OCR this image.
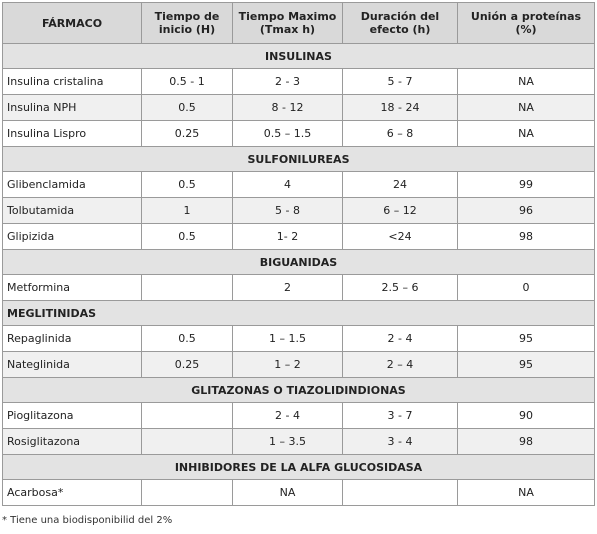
FÁRMACO	Tiempo de inicio (H)	Tiempo Maximo (Tmax h)	Duración del efecto (h)	Unión a proteínas (%)
INSULINAS				
Insulina cristalina	0.5 - 1	2 - 3	5 - 7	NA
Insulina NPH	0.5	8 - 12	18 - 24	NA
Insulina Lispro	0.25	0.5 – 1.5	6 – 8	NA
SULFONILUREAS				
Glibenclamida	0.5	4	24	99
Tolbutamida	1	5 - 8	6 – 12	96
Glipizida	0.5	1- 2	<24	98
BIGUANIDAS				
Metformina		2	2.5 – 6	0
MEGLITINIDAS				
Repaglinida	0.5	1 – 1.5	2 - 4	95
Nateglinida	0.25	1 – 2	2 – 4	95
GLITAZONAS O TIAZOLIDINDIONAS				
Pioglitazona		2 - 4	3 - 7	90
Rosiglitazona		1 – 3.5	3 - 4	98
INHIBIDORES DE LA ALFA GLUCOSIDASA				
Acarbosa*		NA		NA
* Tiene una biodisponibilid del 2%
